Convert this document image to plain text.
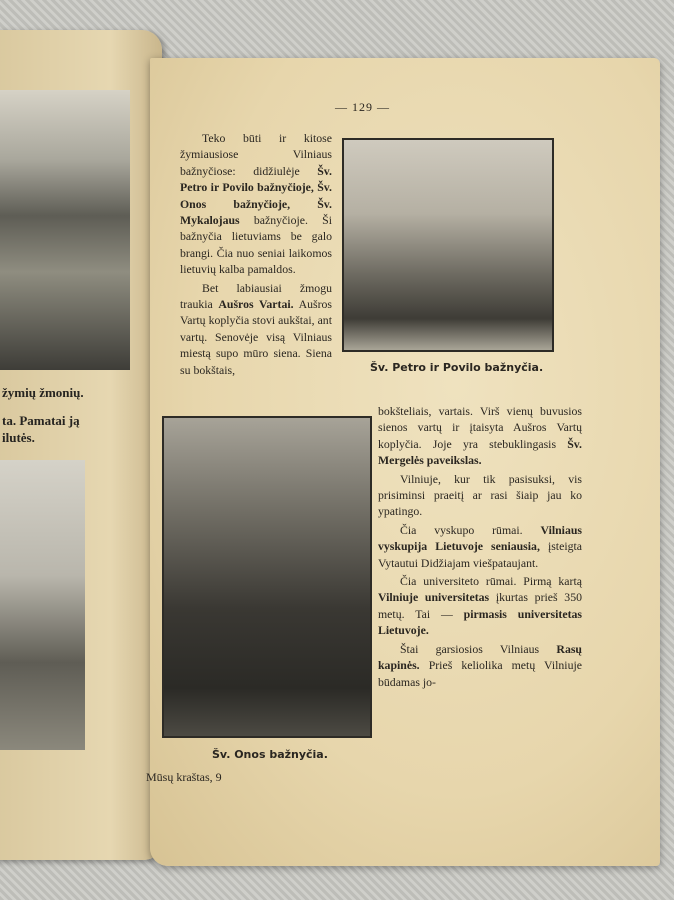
žymių žmonių.
ta. Pamatai ją
ilutės.
— 129 —

Teko būti ir kitose žymiausiose Vilniaus bažnyčiose: didžiulėje Šv. Petro ir Povilo bažnyčioje, Šv. Onos bažnyčioje, Šv. Mykalojaus bažnyčioje. Ši bažnyčia lietuviams be galo brangi. Čia nuo seniai laikomos lietuvių kalba pamaldos.

Bet labiausiai žmogu traukia Aušros Vartai. Aušros Vartų koplyčia stovi aukštai, ant vartų. Senovėje visą Vilniaus miestą supo mūro siena. Siena su bokštais,	Šv. Petro ir Povilo bažnyčia.
Šv. Onos bažnyčia.

bokšteliais, vartais. Virš vienų buvusios sienos vartų ir įtaisyta Aušros Vartų koplyčia. Joje yra stebuklingasis Šv. Mergelės paveikslas.

Vilniuje, kur tik pasisuksi, vis prisiminsi praeitį ar rasi šiaip jau ko ypatingo.

Čia vyskupo rūmai. Vilniaus vyskupija Lietuvoje seniausia, įsteigta Vytautui Didžiajam viešpataujant.

Čia universiteto rūmai. Pirmą kartą Vilniuje universitetas įkurtas prieš 350 metų. Tai — pirmasis universitetas Lietuvoje.

Štai garsiosios Vilniaus Rasų kapinės. Prieš keliolika metų Vilniuje būdamas jo-

Mūsų kraštas, 9
